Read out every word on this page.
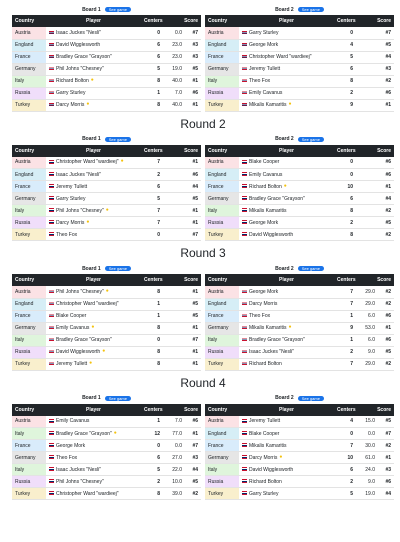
Board 1	See game
Country	Player	Centers	Score	
Austria	Isaac Juckes "Nesli"	0	0.0	#7
England	David Wigglesworth	6	23.0	#3
France	Bradley Grace "Grayson"	6	23.0	#3
Germany	Phil Johns "Chesney"	5	19.0	#5
Italy	Richard Bolton ●	8	40.0	#1
Russia	Garry Sturley	1	7.0	#6
Turkey	Darcy Morris ●	8	40.0	#1
Board 2	See game
Country	Player	Centers	Score	
Austria	Garry Sturley	0		#7
England	George Mork	4		#5
France	Christopher Ward "wardieej"	5		#4
Germany	Jeremy Tullett	6		#3
Italy	Theo Fox	8		#2
Russia	Emily Cavanus	2		#6
Turkey	Mikalis Kamaritis ●	9		#1
Round 2
Board 1	See game
Country	Player	Centers	Score	
Austria	Christopher Ward "wardieej" ●	7		#1
England	Isaac Juckes "Nesli"	2		#6
France	Jeremy Tullett	6		#4
Germany	Garry Sturley	5		#5
Italy	Phil Johns "Chesney" ●	7		#1
Russia	Darcy Morris ●	7		#1
Turkey	Theo Fox	0		#7
Board 2	See game
Country	Player	Centers	Score	
Austria	Blake Cooper	0		#6
England	Emily Cavanus	0		#6
France	Richard Bolton ●	10		#1
Germany	Bradley Grace "Grayson"	6		#4
Italy	Mikalis Kamaritis	8		#2
Russia	George Mork	2		#5
Turkey	David Wigglesworth	8		#2
Round 3
Board 1	See game
Country	Player	Centers	Score	
Austria	Phil Johns "Chesney" ●	8		#1
England	Christopher Ward "wardieej"	1		#5
France	Blake Cooper	1		#5
Germany	Emily Cavanus ●	8		#1
Italy	Bradley Grace "Grayson"	0		#7
Russia	David Wigglesworth ●	8		#1
Turkey	Jeremy Tullett ●	8		#1
Board 2	See game
Country	Player	Centers	Score	
Austria	George Mork	7	29.0	#2
England	Darcy Morris	7	29.0	#2
France	Theo Fox	1	6.0	#6
Germany	Mikalis Kamaritis ●	9	53.0	#1
Italy	Bradley Grace "Grayson"	1	6.0	#6
Russia	Isaac Juckes "Nesli"	2	9.0	#5
Turkey	Richard Bolton	7	29.0	#2
Round 4
Board 1	See game
Country	Player	Centers	Score	
Austria	Emily Cavanus	1	7.0	#6
Italy	Bradley Grace "Grayson" ●	12	77.0	#1
France	George Mork	0	0.0	#7
Germany	Theo Fox	6	27.0	#3
Italy	Isaac Juckes "Nesli"	5	22.0	#4
Russia	Phil Johns "Chesney"	2	10.0	#5
Turkey	Christopher Ward "wardieej"	8	39.0	#2
Board 2	See game
Country	Player	Centers	Score	
Austria	Jeremy Tullett	4	15.0	#5
England	Blake Cooper	0	0.0	#7
France	Mikalis Kamaritis	7	30.0	#2
Germany	Darcy Morris ●	10	61.0	#1
Italy	David Wigglesworth	6	24.0	#3
Russia	Richard Bolton	2	9.0	#6
Turkey	Garry Sturley	5	19.0	#4
